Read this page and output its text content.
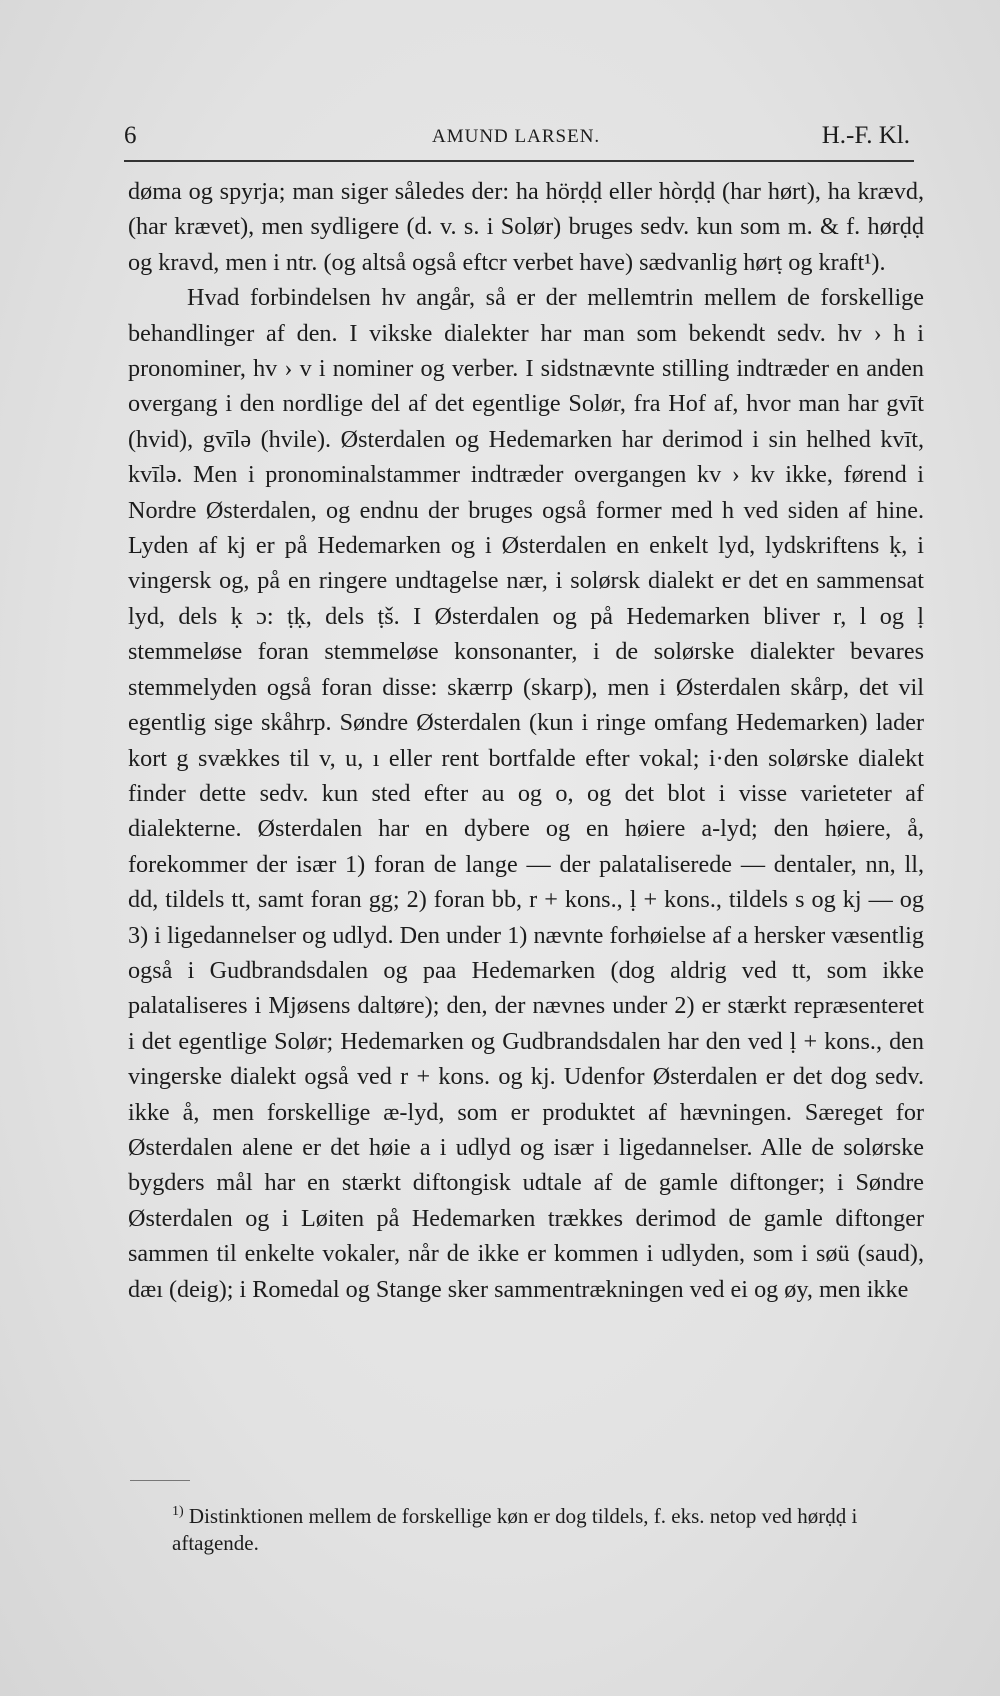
6	AMUND LARSEN.	H.-F. Kl.

døma og spyrja; man siger således der: ha hörḍḍ eller hòrḍḍ (har hørt), ha krævd, (har krævet), men sydligere (d. v. s. i Solør) bruges sedv. kun som m. & f. hørḍḍ og kravd, men i ntr. (og altså også eftcr verbet have) sædvanlig hørṭ og kraft¹).

Hvad forbindelsen hv angår, så er der mellemtrin mellem de forskellige behandlinger af den. I vikske dialekter har man som bekendt sedv. hv › h i pronominer, hv › v i nominer og verber. I sidstnævnte stilling indtræder en anden overgang i den nordlige del af det egentlige Solør, fra Hof af, hvor man har gvīt (hvid), gvīlə (hvile). Østerdalen og Hedemarken har derimod i sin helhed kvīt, kvīlə. Men i pronominalstammer indtræder overgangen kv › kv ikke, førend i Nordre Østerdalen, og endnu der bruges også former med h ved siden af hine. Lyden af kj er på Hedemarken og i Østerdalen en enkelt lyd, lydskriftens ḳ, i vingersk og, på en ringere undtagelse nær, i solørsk dialekt er det en sammensat lyd, dels ḳ ɔ: ṭḳ, dels ṭš. I Østerdalen og på Hedemarken bliver r, l og ḷ stemmeløse foran stemmeløse konsonanter, i de solørske dialekter bevares stemmelyden også foran disse: skærrp (skarp), men i Østerdalen skårp, det vil egentlig sige skåhrp. Søndre Østerdalen (kun i ringe omfang Hedemarken) lader kort g svækkes til v, u, ı eller rent bortfalde efter vokal; i·den solørske dialekt finder dette sedv. kun sted efter au og o, og det blot i visse varieteter af dialekterne. Østerdalen har en dybere og en høiere a-lyd; den høiere, å, forekommer der især 1) foran de lange — der palataliserede — dentaler, nn, ll, dd, tildels tt, samt foran gg; 2) foran bb, r + kons., ḷ + kons., tildels s og kj — og 3) i ligedannelser og udlyd. Den under 1) nævnte forhøielse af a hersker væsentlig også i Gudbrandsdalen og paa Hedemarken (dog aldrig ved tt, som ikke palataliseres i Mjøsens daltøre); den, der nævnes under 2) er stærkt repræsenteret i det egentlige Solør; Hedemarken og Gudbrandsdalen har den ved ḷ + kons., den vingerske dialekt også ved r + kons. og kj. Udenfor Østerdalen er det dog sedv. ikke å, men forskellige æ-lyd, som er produktet af hævningen. Særeget for Østerdalen alene er det høie a i udlyd og især i ligedannelser. Alle de solørske bygders mål har en stærkt diftongisk udtale af de gamle diftonger; i Søndre Østerdalen og i Løiten på Hedemarken trækkes derimod de gamle diftonger sammen til enkelte vokaler, når de ikke er kommen i udlyden, som i søü (saud), dæı (deig); i Romedal og Stange sker sammentrækningen ved ei og øy, men ikke

$^{1)}$ Distinktionen mellem de forskellige køn er dog tildels, f. eks. netop ved hørḍḍ i aftagende.
